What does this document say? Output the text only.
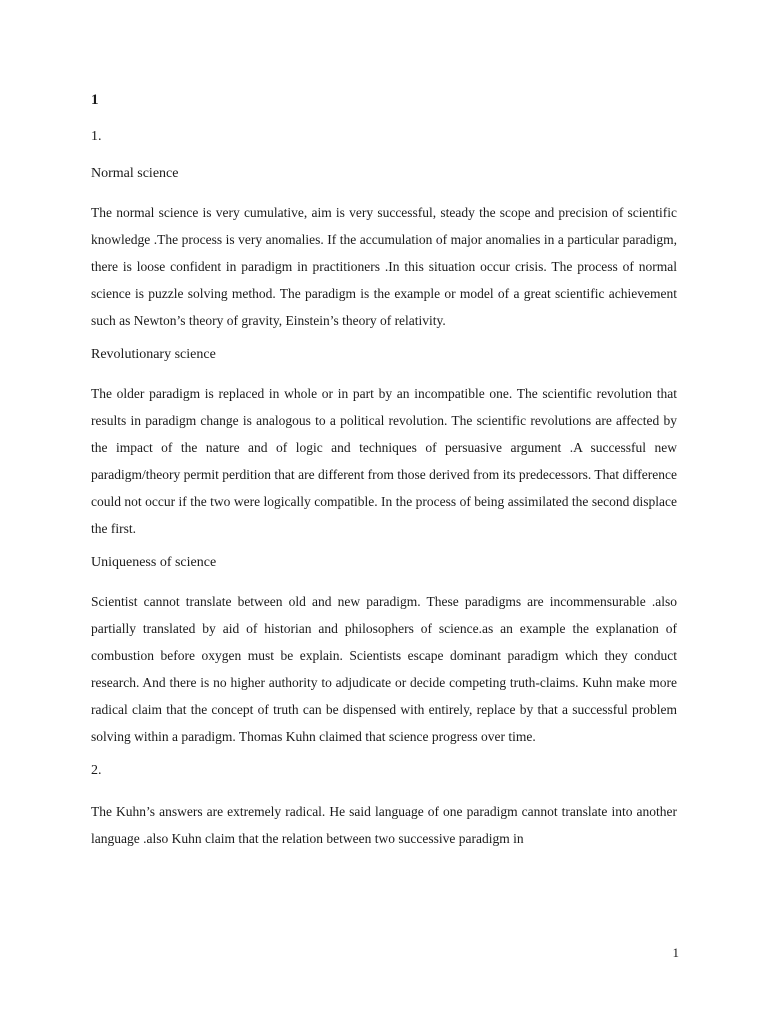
1
1.
Normal science

The normal science is very cumulative, aim is very successful, steady the scope and precision of scientific knowledge .The process is very anomalies. If the accumulation of major anomalies in a particular paradigm, there is loose confident in paradigm in practitioners .In this situation occur crisis. The process of normal science is puzzle solving method. The paradigm is the example or model of a great scientific achievement such as Newton’s theory of gravity, Einstein’s theory of relativity.

Revolutionary science

The older paradigm is replaced in whole or in part by an incompatible one. The scientific revolution that results in paradigm change is analogous to a political revolution. The scientific revolutions are affected by the impact of the nature and of logic and techniques of persuasive argument .A successful new paradigm/theory permit perdition that are different from those derived from its predecessors. That difference could not occur if the two were logically compatible. In the process of being assimilated the second displace the first.

Uniqueness of science

Scientist cannot translate between old and new paradigm. These paradigms are incommensurable .also partially translated by aid of historian and philosophers of science.as an example the explanation of combustion before oxygen must be explain. Scientists escape dominant paradigm which they conduct research. And there is no higher authority to adjudicate or decide competing truth-claims. Kuhn make more radical claim that the concept of truth can be dispensed with entirely, replace by that a successful problem solving within a paradigm. Thomas Kuhn claimed that science progress over time.

2.

The Kuhn’s answers are extremely radical. He said language of one paradigm cannot translate into another language .also Kuhn claim that the relation between two successive paradigm in

1
